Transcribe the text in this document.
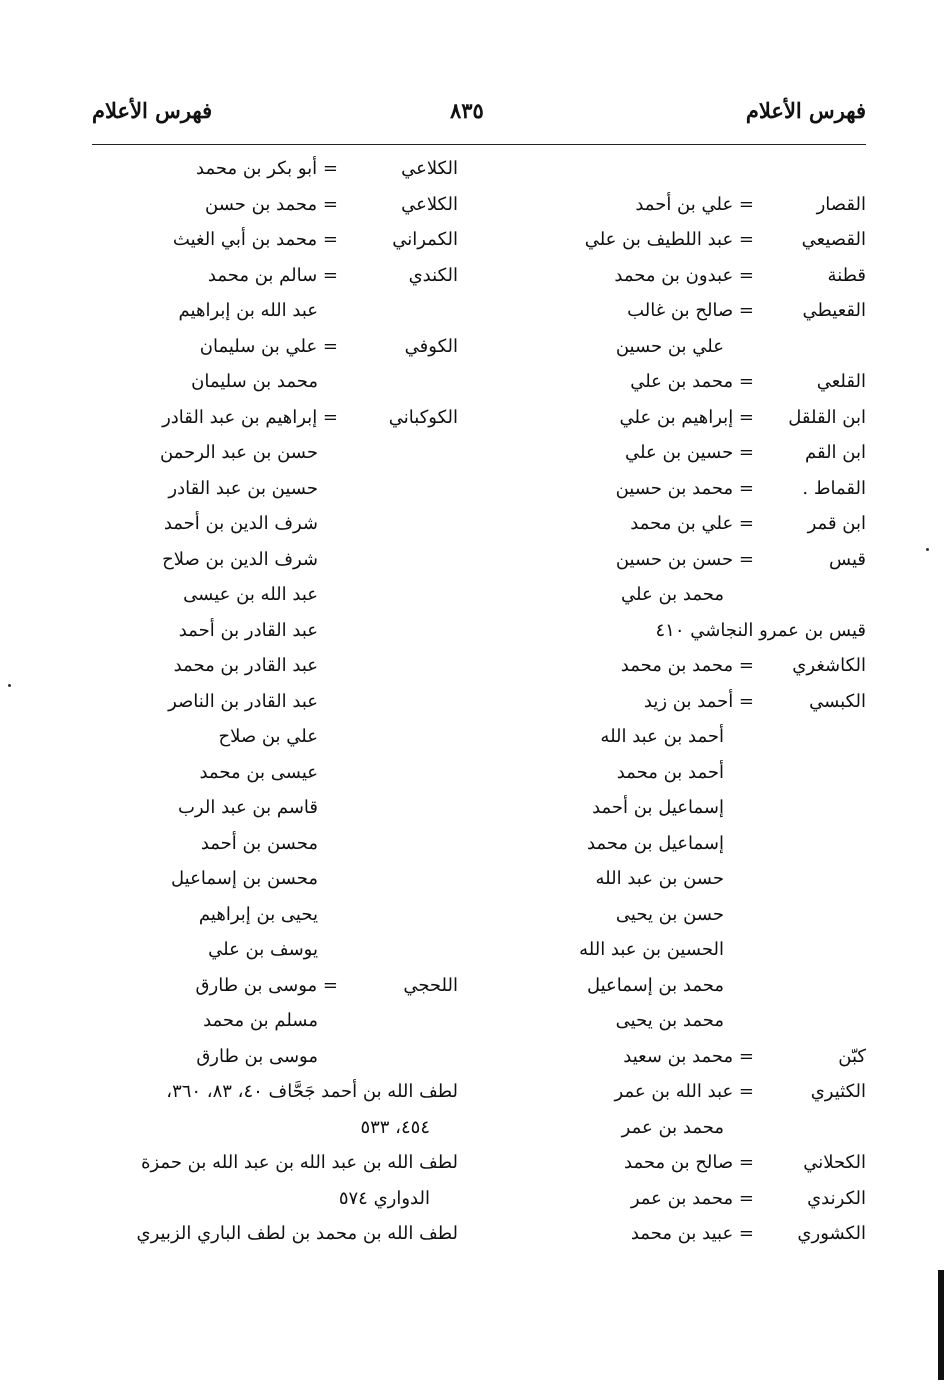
فهرس الأعلام
٨٣٥
فهرس الأعلام
القصار
= علي بن أحمد
القصيعي
= عبد اللطيف بن علي
قطنة
= عبدون بن محمد
القعيطي
= صالح بن غالب
علي بن حسين
القلعي
= محمد بن علي
ابن القلقل
= إبراهيم بن علي
ابن القم
= حسين بن علي
القماط .
= محمد بن حسين
ابن قمر
= علي بن محمد
قيس
= حسن بن حسين
محمد بن علي
قيس بن عمرو النجاشي ٤١٠
الكاشغري
= محمد بن محمد
الكبسي
= أحمد بن زيد
أحمد بن عبد الله
أحمد بن محمد
إسماعيل بن أحمد
إسماعيل بن محمد
حسن بن عبد الله
حسن بن يحيى
الحسين بن عبد الله
محمد بن إسماعيل
محمد بن يحيى
كبّن
= محمد بن سعيد
الكثيري
= عبد الله بن عمر
محمد بن عمر
الكحلاني
= صالح بن محمد
الكرندي
= محمد بن عمر
الكشوري
= عبيد بن محمد
الكلاعي
= أبو بكر بن محمد
الكلاعي
= محمد بن حسن
الكمراني
= محمد بن أبي الغيث
الكندي
= سالم بن محمد
عبد الله بن إبراهيم
الكوفي
= علي بن سليمان
محمد بن سليمان
الكوكباني
= إبراهيم بن عبد القادر
حسن بن عبد الرحمن
حسين بن عبد القادر
شرف الدين بن أحمد
شرف الدين بن صلاح
عبد الله بن عيسى
عبد القادر بن أحمد
عبد القادر بن محمد
عبد القادر بن الناصر
علي بن صلاح
عيسى بن محمد
قاسم بن عبد الرب
محسن بن أحمد
محسن بن إسماعيل
يحيى بن إبراهيم
يوسف بن علي
اللحجي
= موسى بن طارق
مسلم بن محمد
موسى بن طارق
لطف الله بن أحمد جَحَّاف ٤٠، ٨٣، ٣٦٠،
٤٥٤، ٥٣٣
لطف الله بن عبد الله بن عبد الله بن حمزة
الدواري ٥٧٤
لطف الله بن محمد بن لطف الباري الزبيري
